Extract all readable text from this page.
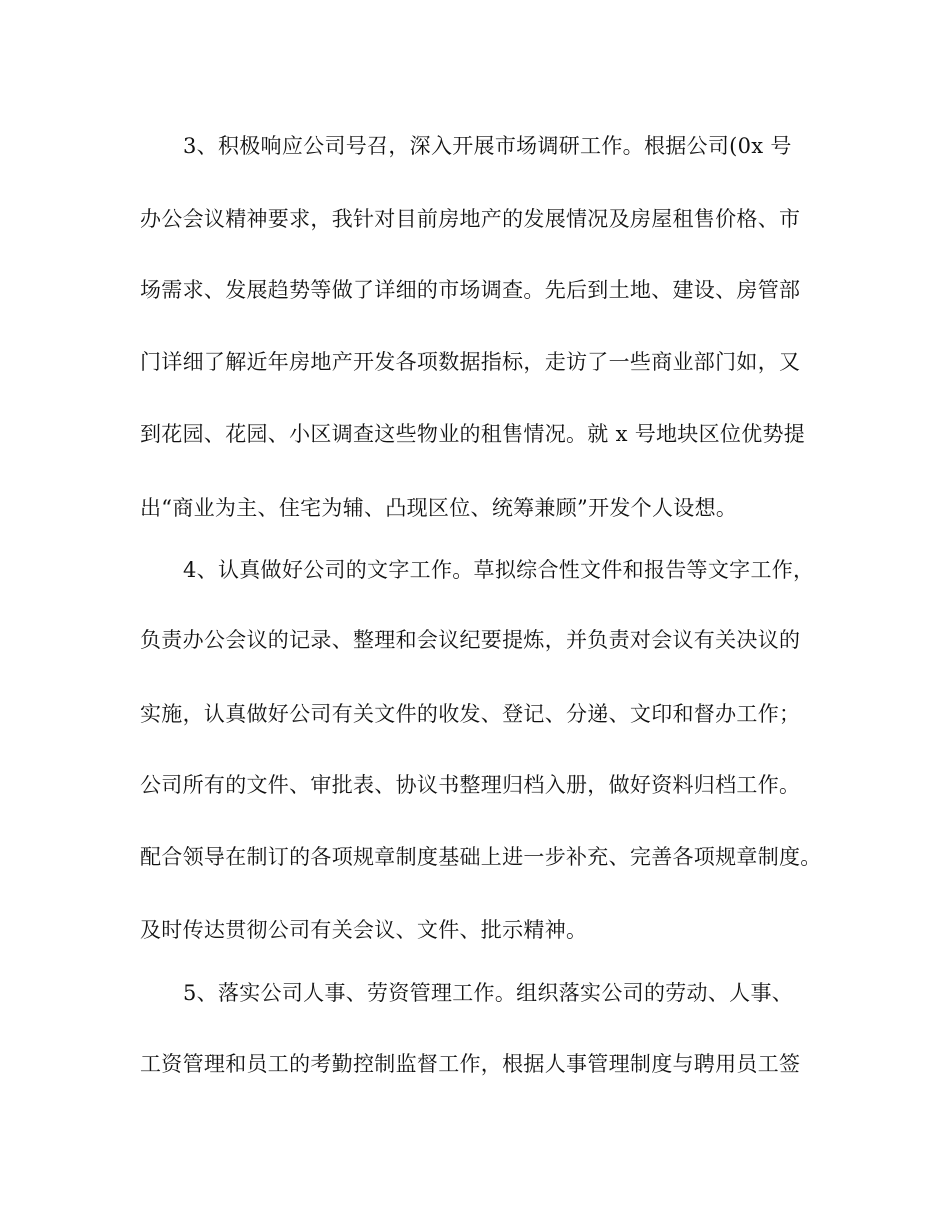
3、积极响应公司号召，深入开展市场调研工作。根据公司(0x 号
办公会议精神要求，我针对目前房地产的发展情况及房屋租售价格、市
场需求、发展趋势等做了详细的市场调查。先后到土地、建设、房管部
门详细了解近年房地产开发各项数据指标，走访了一些商业部门如，又
到花园、花园、小区调查这些物业的租售情况。就 x 号地块区位优势提
出“商业为主、住宅为辅、凸现区位、统筹兼顾”开发个人设想。
4、认真做好公司的文字工作。草拟综合性文件和报告等文字工作，
负责办公会议的记录、整理和会议纪要提炼，并负责对会议有关决议的
实施，认真做好公司有关文件的收发、登记、分递、文印和督办工作；
公司所有的文件、审批表、协议书整理归档入册，做好资料归档工作。
配合领导在制订的各项规章制度基础上进一步补充、完善各项规章制度。
及时传达贯彻公司有关会议、文件、批示精神。
5、落实公司人事、劳资管理工作。组织落实公司的劳动、人事、
工资管理和员工的考勤控制监督工作，根据人事管理制度与聘用员工签
